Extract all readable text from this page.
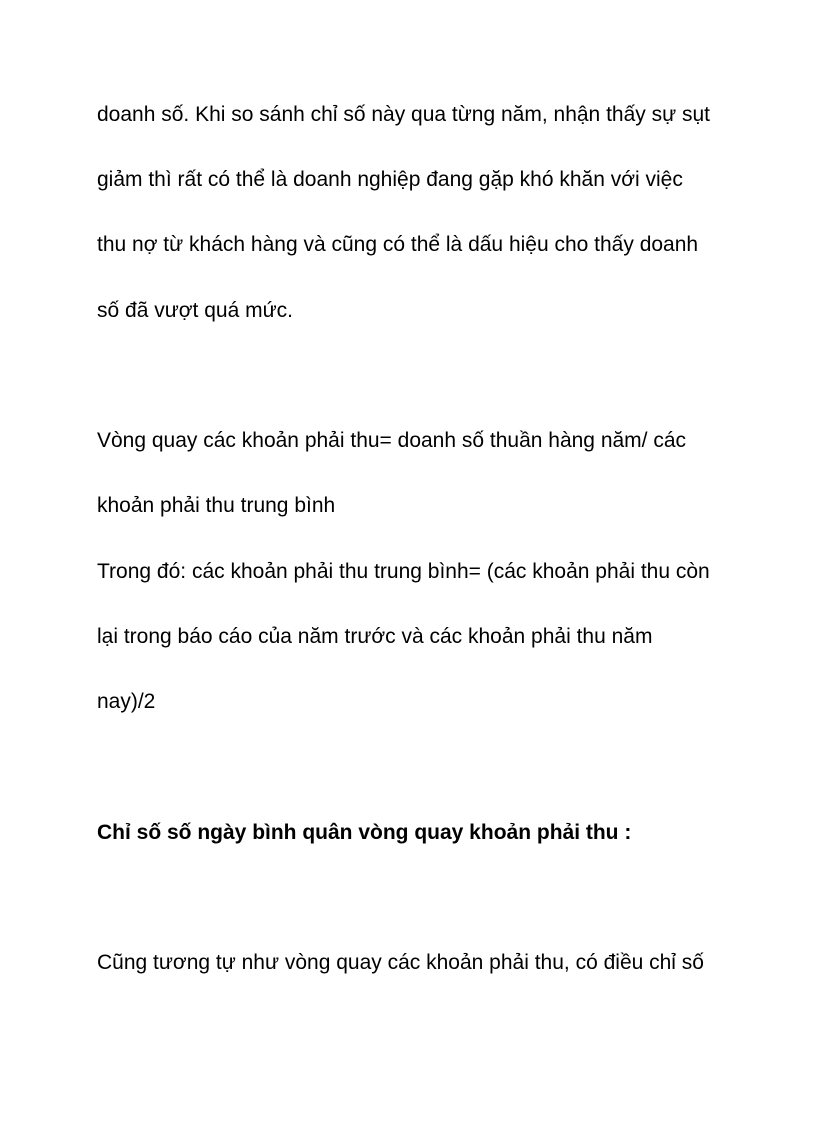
doanh số. Khi so sánh chỉ số này qua từng năm, nhận thấy sự sụt
giảm thì rất có thể là doanh nghiệp đang gặp khó khăn với việc
thu nợ từ khách hàng và cũng có thể là dấu hiệu cho thấy doanh
số đã vượt quá mức.
Vòng quay các khoản phải thu= doanh số thuần hàng năm/ các
khoản phải thu trung bình
Trong đó: các khoản phải thu trung bình= (các khoản phải thu còn
lại trong báo cáo của năm trước và các khoản phải thu năm
nay)/2
Chỉ số số ngày bình quân vòng quay khoản phải thu :
Cũng tương tự như vòng quay các khoản phải thu, có điều chỉ số
